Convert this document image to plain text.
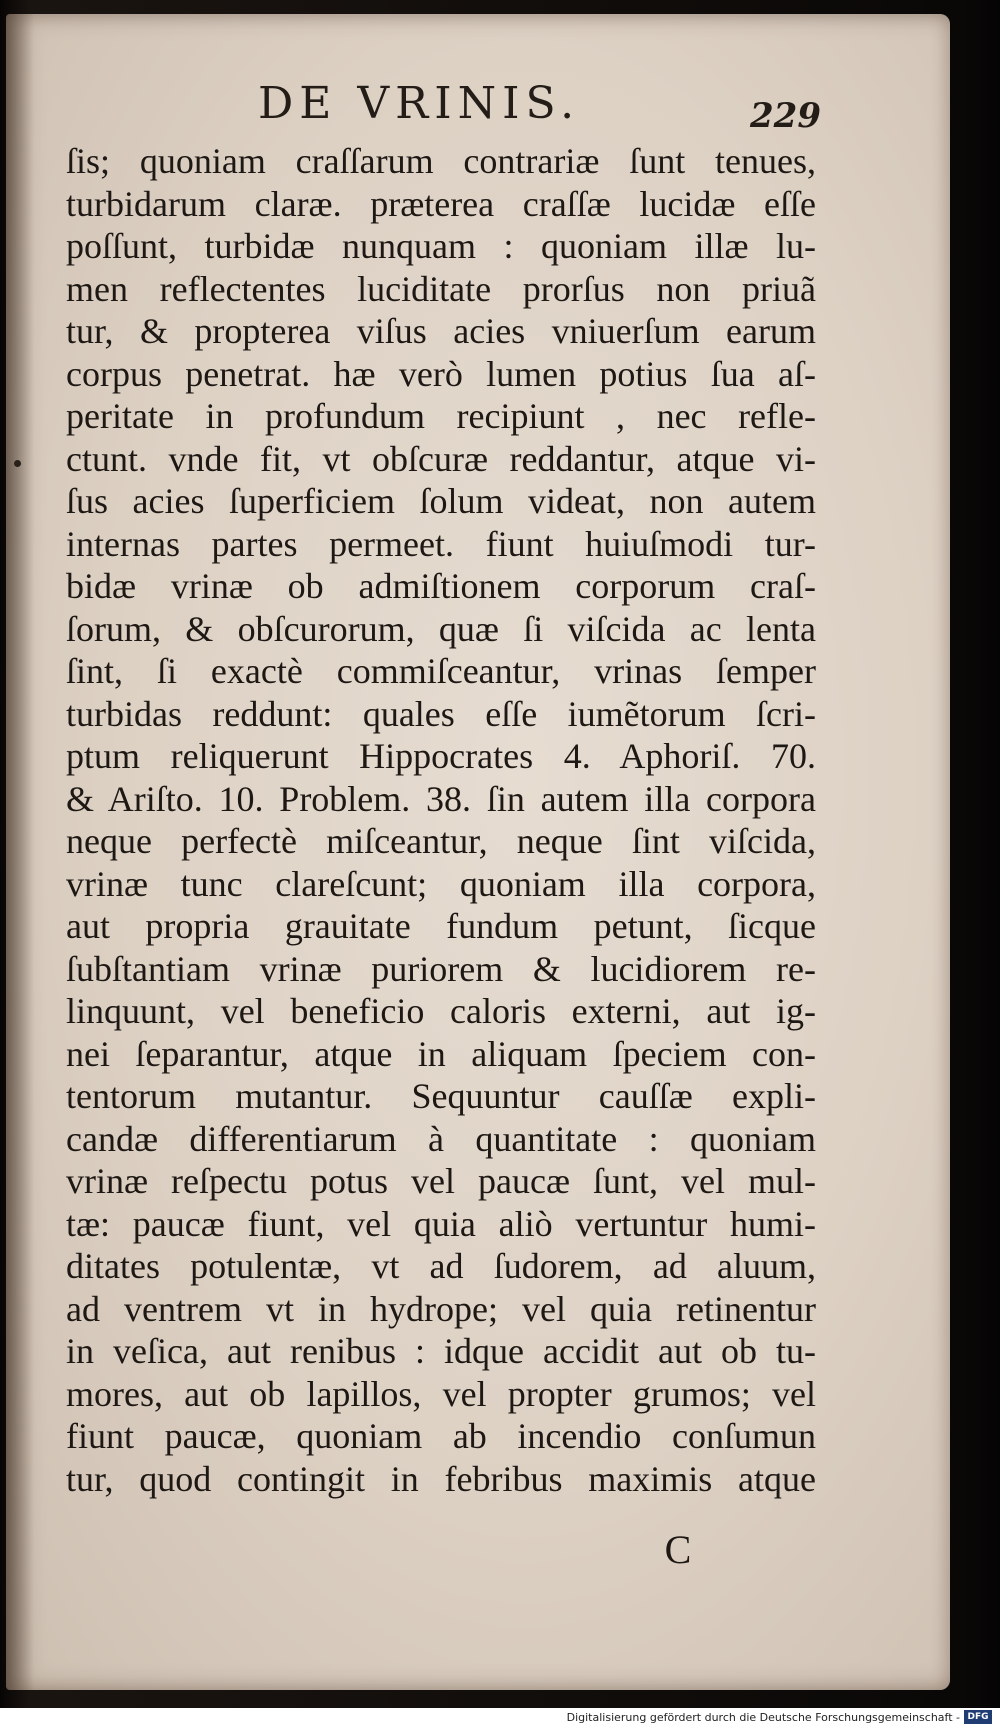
DE VRINIS.	229
ſis; quoniam craſſarum contrariæ ſunt tenues,
turbidarum claræ. præterea craſſæ lucidæ eſſe
poſſunt, turbidæ nunquam : quoniam illæ lu-
men reflectentes luciditate prorſus non priuã
tur, & propterea viſus acies vniuerſum earum
corpus penetrat. hæ verò lumen potius ſua aſ-
peritate in profundum recipiunt , nec refle-
ctunt. vnde fit, vt obſcuræ reddantur, atque vi-
ſus acies ſuperficiem ſolum videat, non autem
internas partes permeet. fiunt huiuſmodi tur-
bidæ vrinæ ob admiſtionem corporum craſ-
ſorum, & obſcurorum, quæ ſi viſcida ac lenta
ſint, ſi exactè commiſceantur, vrinas ſemper
turbidas reddunt: quales eſſe iumẽtorum ſcri-
ptum reliquerunt Hippocrates 4. Aphoriſ. 70.
& Ariſto. 10. Problem. 38. ſin autem illa corpora
neque perfectè miſceantur, neque ſint viſcida,
vrinæ tunc clareſcunt; quoniam illa corpora,
aut propria grauitate fundum petunt, ſicque
ſubſtantiam vrinæ puriorem & lucidiorem re-
linquunt, vel beneficio caloris externi, aut ig-
nei ſeparantur, atque in aliquam ſpeciem con-
tentorum mutantur. Sequuntur cauſſæ expli-
candæ differentiarum à quantitate : quoniam
vrinæ reſpectu potus vel paucæ ſunt, vel mul-
tæ: paucæ fiunt, vel quia aliò vertuntur humi-
ditates potulentæ, vt ad ſudorem, ad aluum,
ad ventrem vt in hydrope; vel quia retinentur
in veſica, aut renibus : idque accidit aut ob tu-
mores, aut ob lapillos, vel propter grumos; vel
fiunt paucæ, quoniam ab incendio conſumun
tur, quod contingit in febribus maximis atque
C
Digitalisierung gefördert durch die Deutsche Forschungsgemeinschaft - DFG
